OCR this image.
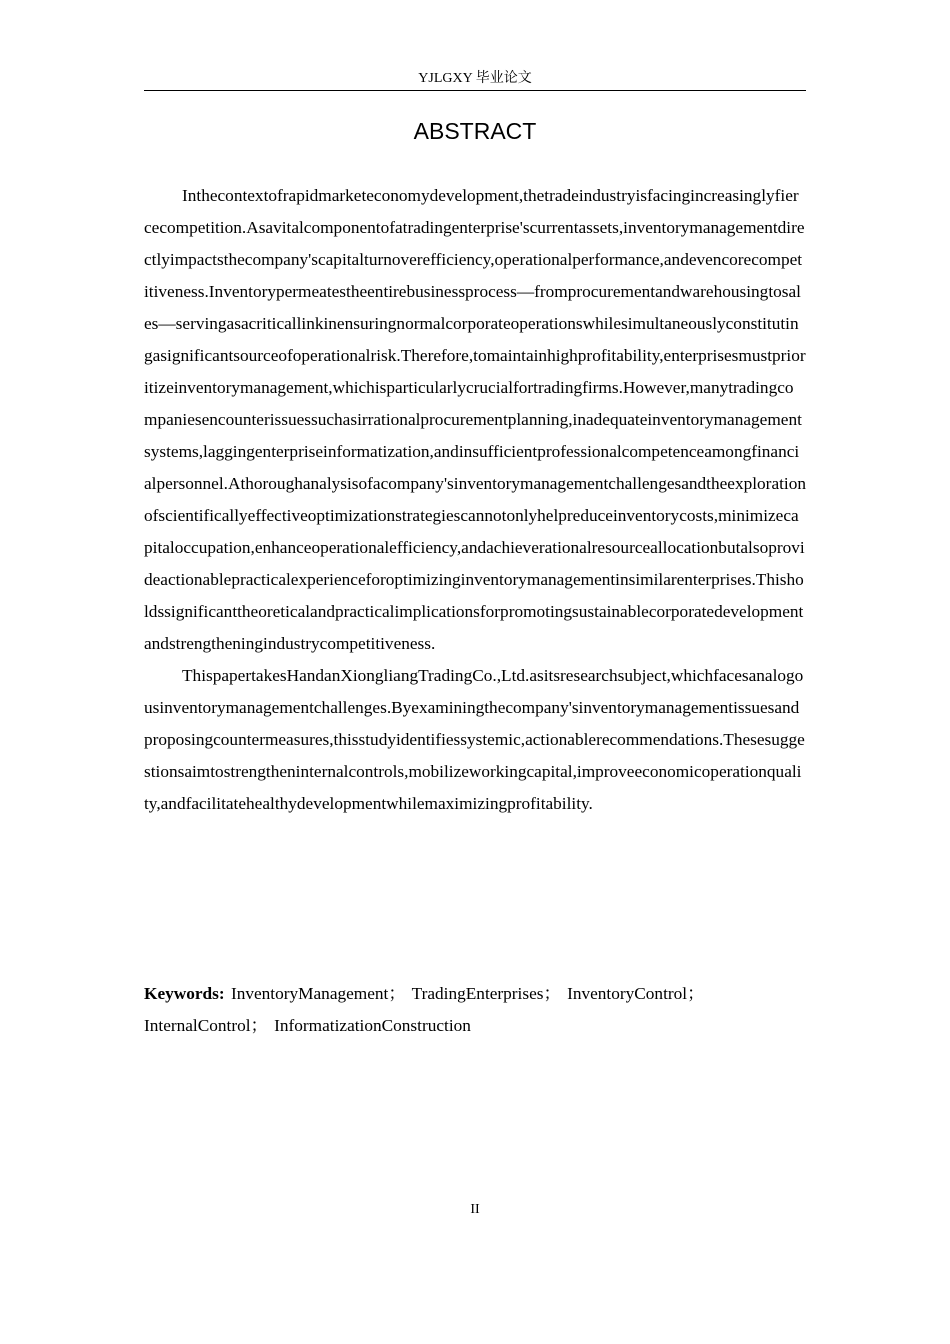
YJLGXY 毕业论文
ABSTRACT

Inthecontextofrapidmarketeconomydevelopment,thetradeindustryisfacingincreasinglyfiercecompetition.Asavitalcomponentofatradingenterprise'scurrentassets,inventorymanagementdirectlyimpactsthecompany'scapitalturnoverefficiency,operationalperformance,andevencorecompetitiveness.Inventorypermeatestheentirebusinessprocess—fromprocurementandwarehousingtosales—servingasacriticallinkinensuringnormalcorporateoperationswhilesimultaneouslyconstitutingasignificantsourceofoperationalrisk.Therefore,tomaintainhighprofitability,enterprisesmustprioritizeinventorymanagement,whichisparticularlycrucialfortradingfirms.However,manytradingcompaniesencounterissuessuchasirrationalprocurementplanning,inadequateinventorymanagementsystems,laggingenterpriseinformatization,andinsufficientprofessionalcompetenceamongfinancialpersonnel.Athoroughanalysisofacompany'sinventorymanagementchallengesandtheexplorationofscientificallyeffectiveoptimizationstrategiescannotonlyhelpreduceinventorycosts,minimizecapitaloccupation,enhanceoperationalefficiency,andachieverationalresourceallocationbutalsoprovideactionablepracticalexperienceforoptimizinginventorymanagementinsimilarenterprises.Thisholdssignificanttheoreticalandpracticalimplicationsforpromotingsustainablecorporatedevelopmentandstrengtheningindustrycompetitiveness.

ThispapertakesHandanXiongliangTradingCo.,Ltd.asitsresearchsubject,whichfacesanalogousinventorymanagementchallenges.Byexaminingthecompany'sinventorymanagementissuesandproposingcountermeasures,thisstudyidentifiessystemic,actionablerecommendations.Thesesuggestionsaimtostrengtheninternalcontrols,mobilizeworkingcapital,improveeconomicoperationquality,andfacilitatehealthydevelopmentwhilemaximizingprofitability.

Keywords: InventoryManagement； TradingEnterprises； InventoryControl； InternalControl； InformatizationConstruction
II
